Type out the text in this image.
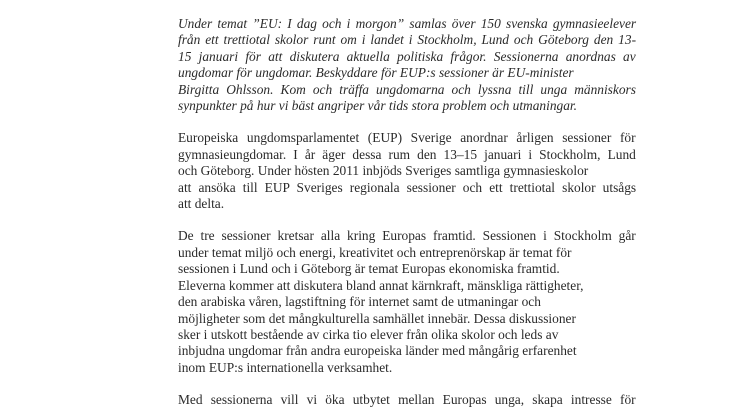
Under temat ”EU: I dag och i morgon” samlas över 150 svenska gymnasieelever
från ett trettiotal skolor runt om i landet i Stockholm, Lund och Göteborg den 13-
15 januari för att diskutera aktuella politiska frågor. Sessionerna anordnas av
ungdomar för ungdomar. Beskyddare för EUP:s sessioner är EU-minister
Birgitta Ohlsson. Kom och träffa ungdomarna och lyssna till unga människors
synpunkter på hur vi bäst angriper vår tids stora problem och utmaningar.

Europeiska ungdomsparlamentet (EUP) Sverige anordnar årligen sessioner för
gymnasieungdomar. I år äger dessa rum den 13–15 januari i Stockholm, Lund
och Göteborg. Under hösten 2011 inbjöds Sveriges samtliga gymnasieskolor
att ansöka till EUP Sveriges regionala sessioner och ett trettiotal skolor utsågs
att delta.

De tre sessioner kretsar alla kring Europas framtid. Sessionen i Stockholm går
under temat miljö och energi, kreativitet och entreprenörskap är temat för
sessionen i Lund och i Göteborg är temat Europas ekonomiska framtid.
Eleverna kommer att diskutera bland annat kärnkraft, mänskliga rättigheter,
den arabiska våren, lagstiftning för internet samt de utmaningar och
möjligheter som det mångkulturella samhället innebär. Dessa diskussioner
sker i utskott bestående av cirka tio elever från olika skolor och leds av
inbjudna ungdomar från andra europeiska länder med mångårig erfarenhet
inom EUP:s internationella verksamhet.

Med sessionerna vill vi öka utbytet mellan Europas unga, skapa intresse för
